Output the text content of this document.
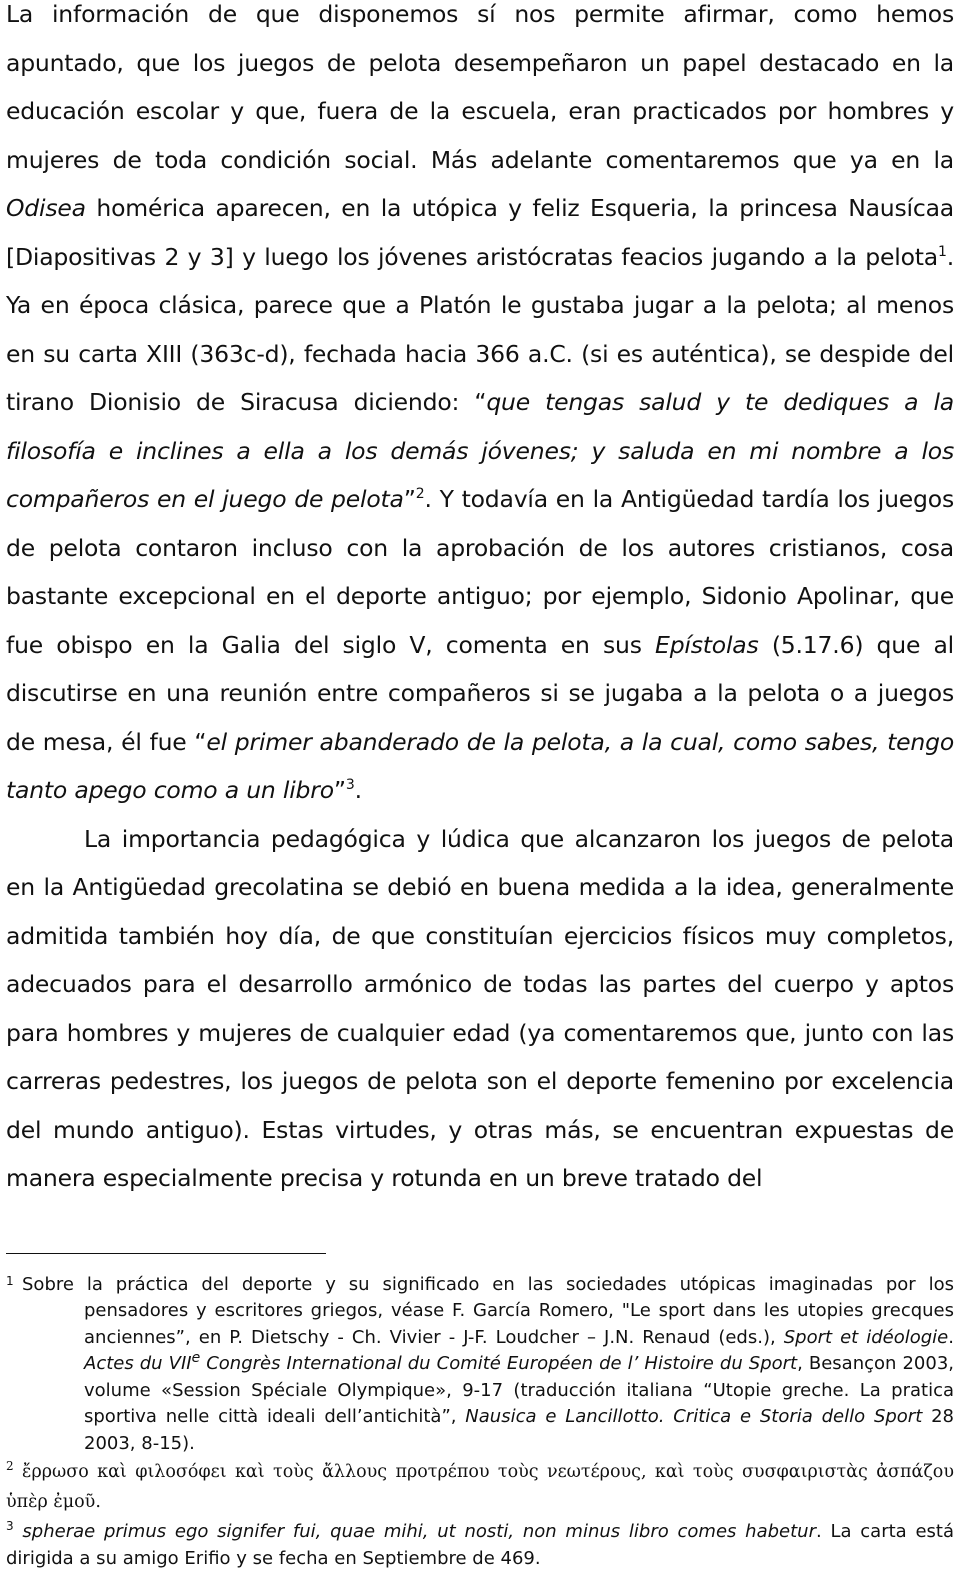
La información de que disponemos sí nos permite afirmar, como hemos apuntado, que los juegos de pelota desempeñaron un papel destacado en la educación escolar y que, fuera de la escuela, eran practicados por hombres y mujeres de toda condición social. Más adelante comentaremos que ya en la Odisea homérica aparecen, en la utópica y feliz Esqueria, la princesa Nausícaa [Diapositivas 2 y 3] y luego los jóvenes aristócratas feacios jugando a la pelota$^1$. Ya en época clásica, parece que a Platón le gustaba jugar a la pelota; al menos en su carta XIII (363c-d), fechada hacia 366 a.C. (si es auténtica), se despide del tirano Dionisio de Siracusa diciendo: “que tengas salud y te dediques a la filosofía e inclines a ella a los demás jóvenes; y saluda en mi nombre a los compañeros en el juego de pelota”$^2$. Y todavía en la Antigüedad tardía los juegos de pelota contaron incluso con la aprobación de los autores cristianos, cosa bastante excepcional en el deporte antiguo; por ejemplo, Sidonio Apolinar, que fue obispo en la Galia del siglo V, comenta en sus Epístolas (5.17.6) que al discutirse en una reunión entre compañeros si se jugaba a la pelota o a juegos de mesa, él fue “el primer abanderado de la pelota, a la cual, como sabes, tengo tanto apego como a un libro”$^3$.

La importancia pedagógica y lúdica que alcanzaron los juegos de pelota en la Antigüedad grecolatina se debió en buena medida a la idea, generalmente admitida también hoy día, de que constituían ejercicios físicos muy completos, adecuados para el desarrollo armónico de todas las partes del cuerpo y aptos para hombres y mujeres de cualquier edad (ya comentaremos que, junto con las carreras pedestres, los juegos de pelota son el deporte femenino por excelencia del mundo antiguo). Estas virtudes, y otras más, se encuentran expuestas de manera especialmente precisa y rotunda en un breve tratado del

1 Sobre la práctica del deporte y su significado en las sociedades utópicas imaginadas por los pensadores y escritores griegos, véase F. García Romero, "Le sport dans les utopies grecques anciennes”, en P. Dietschy - Ch. Vivier - J-F. Loudcher – J.N. Renaud (eds.), Sport et idéologie. Actes du VIIe Congrès International du Comité Européen de l’ Histoire du Sport, Besançon 2003, volume «Session Spéciale Olympique», 9-17 (traducción italiana “Utopie greche. La pratica sportiva nelle città ideali dell’antichità”, Nausica e Lancillotto. Critica e Storia dello Sport 28 2003, 8-15).
$^2$ ἔρρωσο καὶ φιλοσόφει καὶ τοὺς ἄλλους προτρέπου τοὺς νεωτέρους, καὶ τοὺς συσφαιριστὰς ἀσπάζου ὑπὲρ ἐμοῦ.
$^3$ spherae primus ego signifer fui, quae mihi, ut nosti, non minus libro comes habetur. La carta está dirigida a su amigo Erifio y se fecha en Septiembre de 469.
